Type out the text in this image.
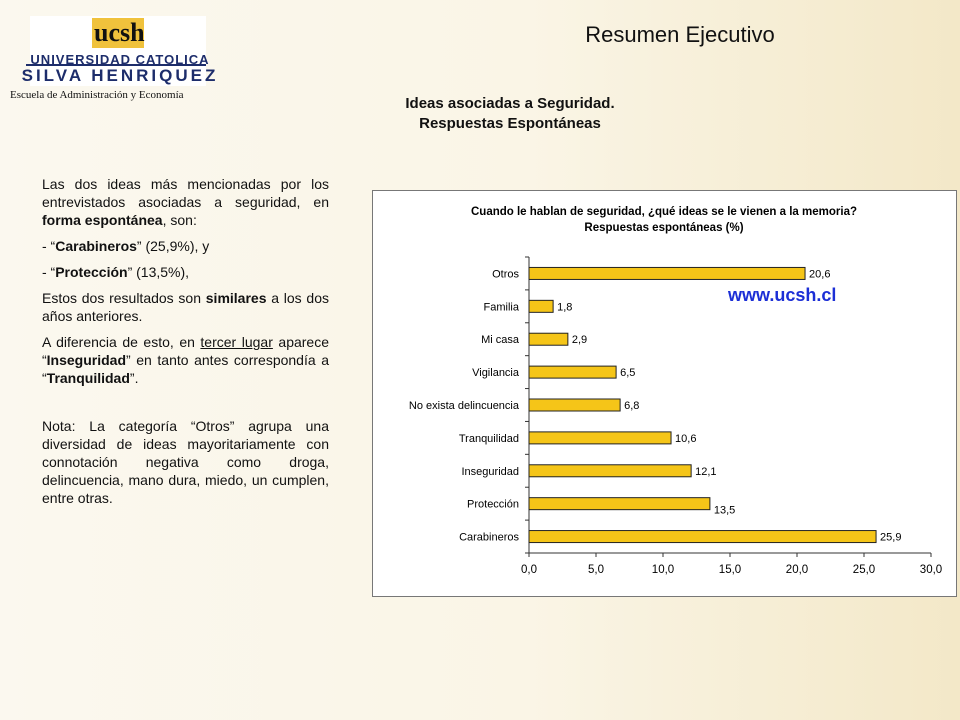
ucsh
UNIVERSIDAD CATOLICA
SILVA HENRIQUEZ
Escuela de Administración y Economía
Resumen Ejecutivo
Ideas asociadas a Seguridad.
Respuestas Espontáneas

Las dos ideas más mencionadas por los entrevistados asociadas a seguridad, en forma espontánea, son:

- “Carabineros” (25,9%), y

- “Protección” (13,5%),

Estos dos resultados son similares a los dos años anteriores.

A diferencia de esto, en tercer lugar aparece “Inseguridad” en tanto antes correspondía a “Tranquilidad”.

Nota: La categoría “Otros” agrupa una diversidad de ideas mayoritariamente con connotación negativa como droga, delincuencia, mano dura, miedo, un cumplen, entre otras.

Cuando le hablan de seguridad, ¿qué ideas se le vienen a la memoria?
Respuestas espontáneas (%)
www.ucsh.cl
Otros	20,6
Familia	1,8
Mi casa	2,9
Vigilancia	6,5
No exista delincuencia	6,8
Tranquilidad	10,6
Inseguridad	12,1
Protección	13,5
Carabineros	25,9
0,0	5,0	10,0	15,0	20,0	25,0	30,0
